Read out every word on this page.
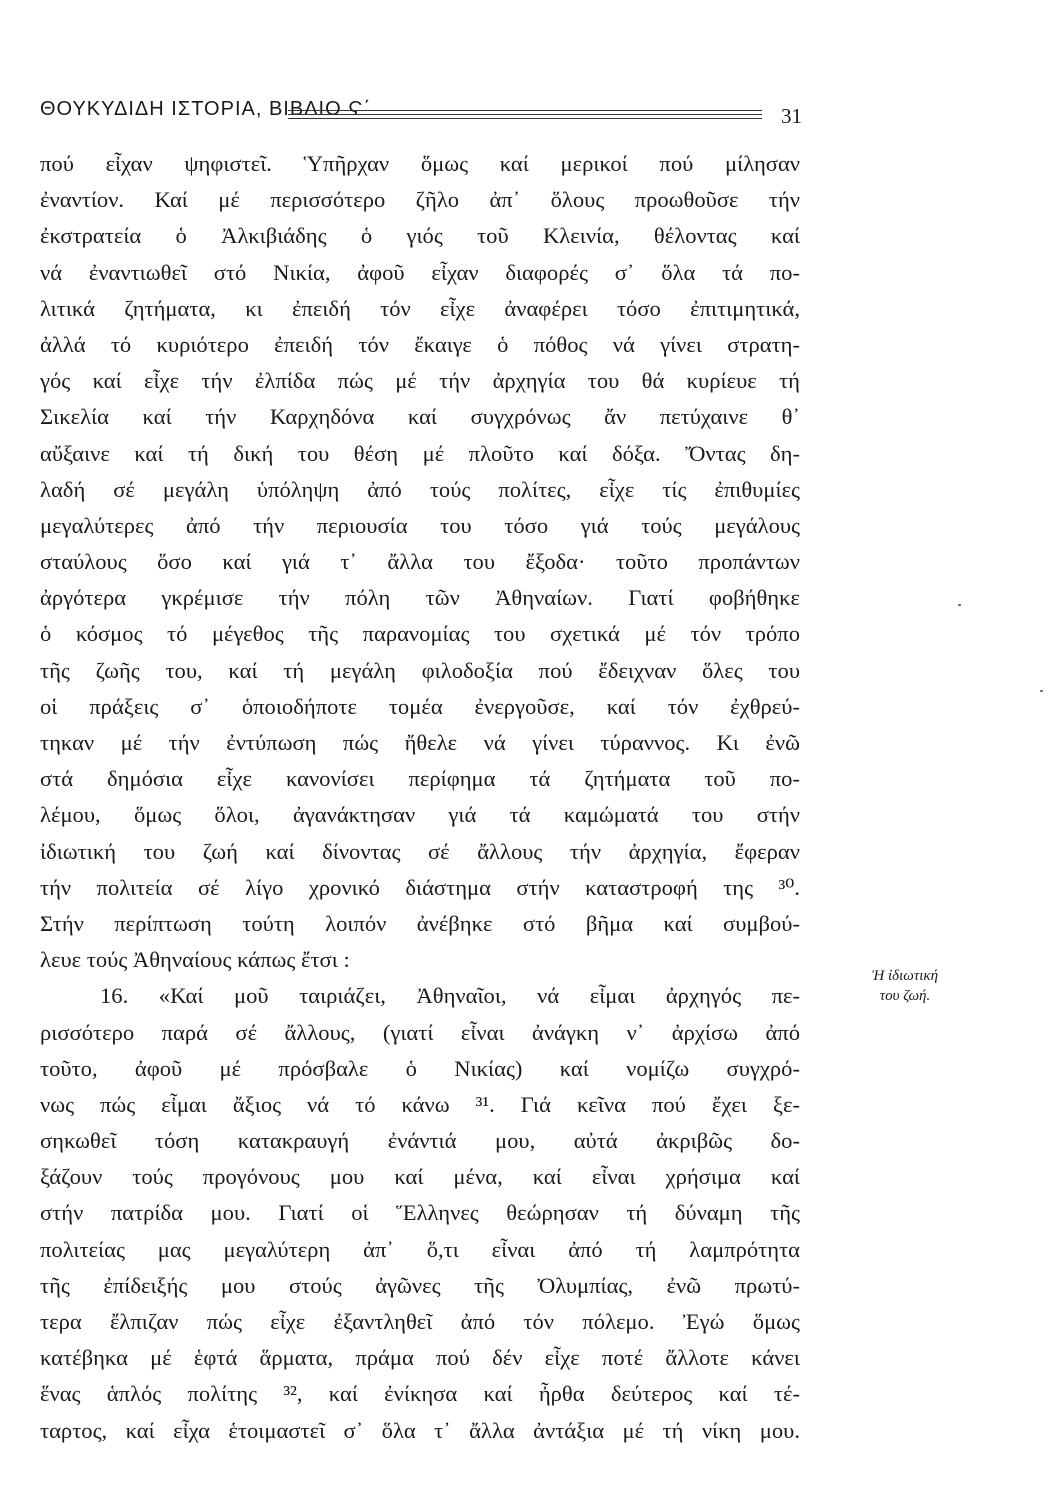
ΘΟΥΚΥΔΙΔΗ ΙΣΤΟΡΙΑ, ΒΙΒΛΙΟ Ϛ΄	31
πού εἶχαν ψηφιστεῖ. Ὑπῆρχαν ὅμως καί μερικοί πού μίλησαν
ἐναντίον. Καί μέ περισσότερο ζῆλο ἀπ᾽ ὅλους προωθοῦσε τήν
ἐκστρατεία ὁ Ἀλκιβιάδης ὁ γιός τοῦ Κλεινία, θέλοντας καί
νά ἐναντιωθεῖ στό Νικία, ἀφοῦ εἶχαν διαφορές σ᾽ ὅλα τά πο-
λιτικά ζητήματα, κι ἐπειδή τόν εἶχε ἀναφέρει τόσο ἐπιτιμητικά,
ἀλλά τό κυριότερο ἐπειδή τόν ἔκαιγε ὁ πόθος νά γίνει στρατη-
γός καί εἶχε τήν ἐλπίδα πώς μέ τήν ἀρχηγία του θά κυρίευε τή
Σικελία καί τήν Καρχηδόνα καί συγχρόνως ἄν πετύχαινε θ᾽
αὔξαινε καί τή δική του θέση μέ πλοῦτο καί δόξα. Ὄντας δη-
λαδή σέ μεγάλη ὑπόληψη ἀπό τούς πολίτες, εἶχε τίς ἐπιθυμίες
μεγαλύτερες ἀπό τήν περιουσία του τόσο γιά τούς μεγάλους
σταύλους ὅσο καί γιά τ᾽ ἄλλα του ἔξοδα· τοῦτο προπάντων
ἀργότερα γκρέμισε τήν πόλη τῶν Ἀθηναίων. Γιατί φοβήθηκε
ὁ κόσμος τό μέγεθος τῆς παρανομίας του σχετικά μέ τόν τρόπο
τῆς ζωῆς του, καί τή μεγάλη φιλοδοξία πού ἔδειχναν ὅλες του
οἱ πράξεις σ᾽ ὁποιοδήποτε τομέα ἐνεργοῦσε, καί τόν ἐχθρεύ-
τηκαν μέ τήν ἐντύπωση πώς ἤθελε νά γίνει τύραννος. Κι ἐνῶ
στά δημόσια εἶχε κανονίσει περίφημα τά ζητήματα τοῦ πο-
λέμου, ὅμως ὅλοι, ἀγανάκτησαν γιά τά καμώματά του στήν
ἰδιωτική του ζωή καί δίνοντας σέ ἄλλους τήν ἀρχηγία, ἔφεραν
τήν πολιτεία σέ λίγο χρονικό διάστημα στήν καταστροφή της ³⁰.
Στήν περίπτωση τούτη λοιπόν ἀνέβηκε στό βῆμα καί συμβού-
λευε τούς Ἀθηναίους κάπως ἔτσι :
16. «Καί μοῦ ταιριάζει, Ἀθηναῖοι, νά εἶμαι ἀρχηγός πε-
ρισσότερο παρά σέ ἄλλους, (γιατί εἶναι ἀνάγκη ν᾽ ἀρχίσω ἀπό
τοῦτο, ἀφοῦ μέ πρόσβαλε ὁ Νικίας) καί νομίζω συγχρό-
νως πώς εἶμαι ἄξιος νά τό κάνω ³¹. Γιά κεῖνα πού ἔχει ξε-
σηκωθεῖ τόση κατακραυγή ἐνάντιά μου, αὐτά ἀκριβῶς δο-
ξάζουν τούς προγόνους μου καί μένα, καί εἶναι χρήσιμα καί
στήν πατρίδα μου. Γιατί οἱ Ἕλληνες θεώρησαν τή δύναμη τῆς
πολιτείας μας μεγαλύτερη ἀπ᾽ ὅ,τι εἶναι ἀπό τή λαμπρότητα
τῆς ἐπίδειξής μου στούς ἀγῶνες τῆς Ὀλυμπίας, ἐνῶ πρωτύ-
τερα ἔλπιζαν πώς εἶχε ἐξαντληθεῖ ἀπό τόν πόλεμο. Ἐγώ ὅμως
κατέβηκα μέ ἑφτά ἅρματα, πράμα πού δέν εἶχε ποτέ ἄλλοτε κάνει
ἕνας ἁπλός πολίτης ³², καί ἐνίκησα καί ἦρθα δεύτερος καί τέ-
ταρτος, καί εἶχα ἑτοιμαστεῖ σ᾽ ὅλα τ᾽ ἄλλα ἀντάξια μέ τή νίκη μου.
Ἡ ἰδιωτική
του ζωή.
